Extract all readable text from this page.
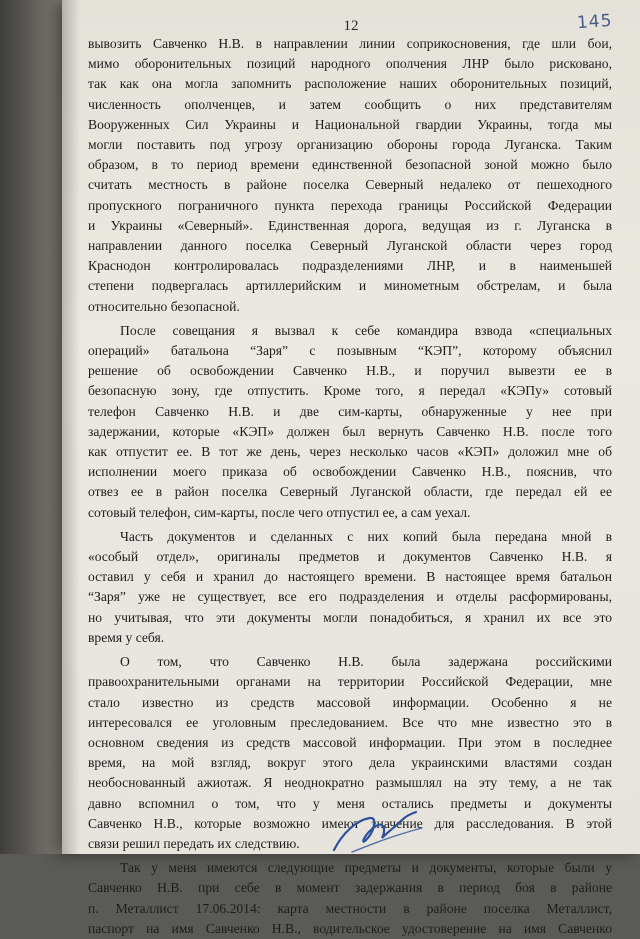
12	145
вывозить Савченко Н.В. в направлении линии соприкосновения, где шли бои,
мимо оборонительных позиций народного ополчения ЛНР было рисковано,
так как она могла запомнить расположение наших оборонительных позиций,
численность ополченцев, и затем сообщить о них представителям
Вооруженных Сил Украины и Национальной гвардии Украины, тогда мы
могли поставить под угрозу организацию обороны города Луганска. Таким
образом, в то период времени единственной безопасной зоной можно было
считать местность в районе поселка Северный недалеко от пешеходного
пропускного пограничного пункта перехода границы Российской Федерации
и Украины «Северный». Единственная дорога, ведущая из г. Луганска в
направлении данного поселка Северный Луганской области через город
Краснодон контролировалась подразделениями ЛНР, и в наименьшей
степени подвергалась артиллерийским и минометным обстрелам, и была
относительно безопасной.
После совещания я вызвал к себе командира взвода «специальных
операций» батальона “Заря” с позывным “КЭП”, которому объяснил
решение об освобождении Савченко Н.В., и поручил вывезти ее в
безопасную зону, где отпустить. Кроме того, я передал «КЭПу» сотовый
телефон Савченко Н.В. и две сим-карты, обнаруженные у нее при
задержании, которые «КЭП» должен был вернуть Савченко Н.В. после того
как отпустит ее. В тот же день, через несколько часов «КЭП» доложил мне об
исполнении моего приказа об освобождении Савченко Н.В., пояснив, что
отвез ее в район поселка Северный Луганской области, где передал ей ее
сотовый телефон, сим-карты, после чего отпустил ее, а сам уехал.
Часть документов и сделанных с них копий была передана мной в
«особый отдел», оригиналы предметов и документов Савченко Н.В. я
оставил у себя и хранил до настоящего времени. В настоящее время батальон
“Заря” уже не существует, все его подразделения и отделы расформированы,
но учитывая, что эти документы могли понадобиться, я хранил их все это
время у себя.
О том, что Савченко Н.В. была задержана российскими
правоохранительными органами на территории Российской Федерации, мне
стало известно из средств массовой информации. Особенно я не
интересовался ее уголовным преследованием. Все что мне известно это в
основном сведения из средств массовой информации. При этом в последнее
время, на мой взгляд, вокруг этого дела украинскими властями создан
необоснованный ажиотаж. Я неоднократно размышлял на эту тему, а не так
давно вспомнил о том, что у меня остались предметы и документы
Савченко Н.В., которые возможно имеют значение для расследования. В этой
связи решил передать их следствию.
Так у меня имеются следующие предметы и документы, которые были у
Савченко Н.В. при себе в момент задержания в период боя в районе
п. Металлист 17.06.2014: карта местности в районе поселка Металлист,
паспорт на имя Савченко Н.В., водительское удостоверение на имя Савченко
